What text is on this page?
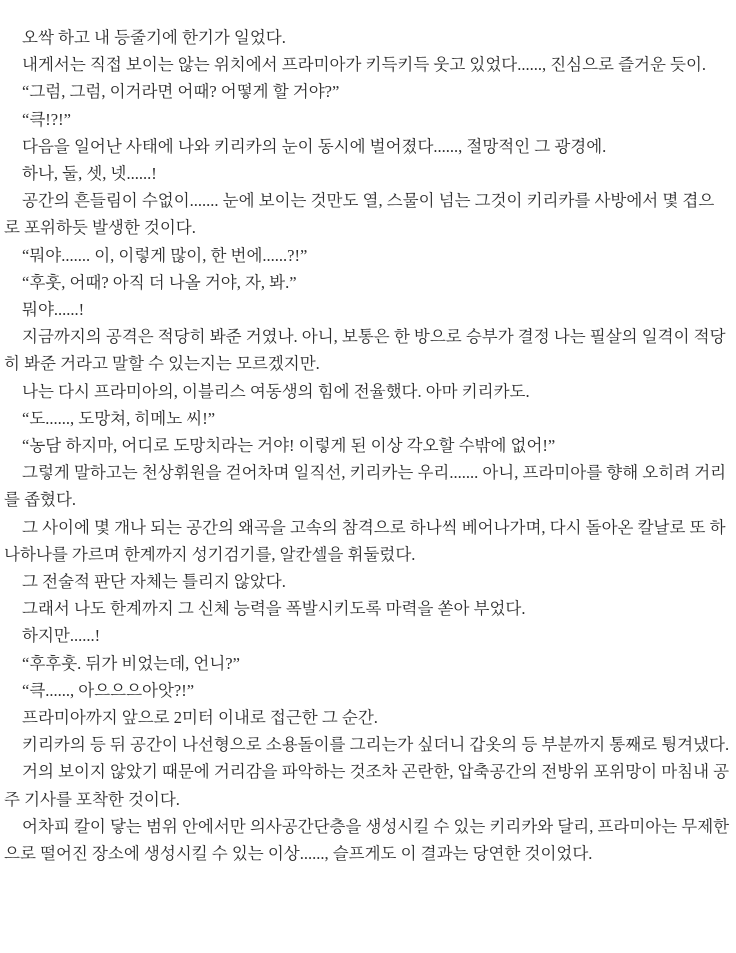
오싹 하고 내 등줄기에 한기가 일었다.

내게서는 직접 보이는 않는 위치에서 프라미아가 키득키득 웃고 있었다......, 진심으로 즐거운 듯이.

“그럼, 그럼, 이거라면 어때? 어떻게 할 거야?”

“큭!?!”

다음을 일어난 사태에 나와 키리카의 눈이 동시에 벌어졌다......, 절망적인 그 광경에.

하나, 둘, 셋, 넷......!

공간의 흔들림이 수없이....... 눈에 보이는 것만도 열, 스물이 넘는 그것이 키리카를 사방에서 몇 겹으로 포위하듯 발생한 것이다.

“뭐야....... 이, 이렇게 많이, 한 번에......?!”

“후훗, 어때? 아직 더 나올 거야, 자, 봐.”

뭐야......!

지금까지의 공격은 적당히 봐준 거였나. 아니, 보통은 한 방으로 승부가 결정 나는 필살의 일격이 적당히 봐준 거라고 말할 수 있는지는 모르겠지만.

나는 다시 프라미아의, 이블리스 여동생의 힘에 전율했다. 아마 키리카도.

“도......, 도망쳐, 히메노 씨!”

“농담 하지마, 어디로 도망치라는 거야! 이렇게 된 이상 각오할 수밖에 없어!”

그렇게 말하고는 천상휘원을 걷어차며 일직선, 키리카는 우리....... 아니, 프라미아를 향해 오히려 거리를 좁혔다.

그 사이에 몇 개나 되는 공간의 왜곡을 고속의 참격으로 하나씩 베어나가며, 다시 돌아온 칼날로 또 하나하나를 가르며 한계까지 성기검기를, 알칸셀을 휘둘렀다.

그 전술적 판단 자체는 틀리지 않았다.

그래서 나도 한계까지 그 신체 능력을 폭발시키도록 마력을 쏟아 부었다.

하지만......!

“후후훗. 뒤가 비었는데, 언니?”

“큭......, 아으으으아앗?!”

프라미아까지 앞으로 2미터 이내로 접근한 그 순간.

키리카의 등 뒤 공간이 나선형으로 소용돌이를 그리는가 싶더니 갑옷의 등 부분까지 통째로 튕겨냈다.

거의 보이지 않았기 때문에 거리감을 파악하는 것조차 곤란한, 압축공간의 전방위 포위망이 마침내 공주 기사를 포착한 것이다.

어차피 칼이 닿는 범위 안에서만 의사공간단층을 생성시킬 수 있는 키리카와 달리, 프라미아는 무제한으로 떨어진 장소에 생성시킬 수 있는 이상......, 슬프게도 이 결과는 당연한 것이었다.
